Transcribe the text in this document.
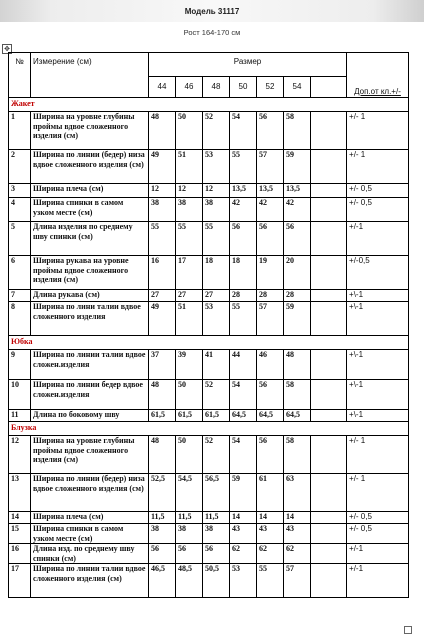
Модель 31117
Рост 164-170 см
✥
№	Измерение (см)	Размер							Доп.от кл.+/-
		44	46	48	50	52	54		
Жакет									
1	Ширина на уровне глубины проймы вдвое сложенного изделия (см)	48	50	52	54	56	58		+/- 1
2	Ширина по линии (бедер) низа вдвое сложенного изделия (см)	49	51	53	55	57	59		+/- 1
3	Ширина плеча (см)	12	12	12	13,5	13,5	13,5		+/- 0,5
4	Ширина спинки в самом узком месте (см)	38	38	38	42	42	42		+/- 0,5
5	Длина изделия по среднему шву спинки (см)	55	55	55	56	56	56		+/-1
6	Ширина рукава на уровне проймы вдвое сложенного изделия (см)	16	17	18	18	19	20		+/-0,5
7	Длина рукава (см)	27	27	27	28	28	28		+\-1
8	Ширина по лини талии вдвое сложенного изделия	49	51	53	55	57	59		+\-1
Юбка									
9	Ширина по линии талии вдвое сложен.изделия	37	39	41	44	46	48		+\-1
10	Ширина по линии бедер вдвое сложен.изделия	48	50	52	54	56	58		+\-1
11	Длина по боковому шву	61,5	61,5	61,5	64,5	64,5	64,5		+\-1
Блузка									
12	Ширина на уровне глубины проймы вдвое сложенного изделия (см)	48	50	52	54	56	58		+/- 1
13	Ширина по линии (бедер) низа вдвое сложенного изделия (см)	52,5	54,5	56,5	59	61	63		+/- 1
14	Ширина плеча (см)	11,5	11,5	11,5	14	14	14		+/- 0,5
15	Ширина спинки в самом узком месте (см)	38	38	38	43	43	43		+/- 0,5
16	Длина изд. по среднему шву спинки (см)	56	56	56	62	62	62		+/-1
17	Ширина по линии талии вдвое сложенного изделия (см)	46,5	48,5	50,5	53	55	57		+/-1
